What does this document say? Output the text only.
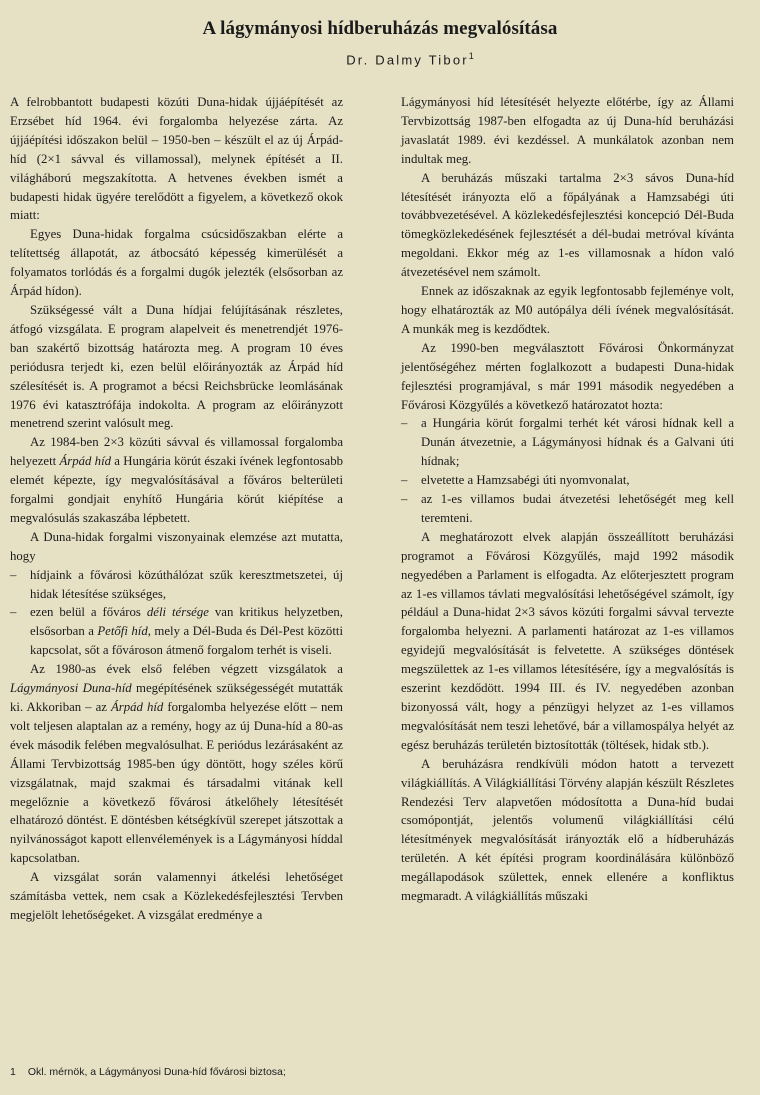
A lágymányosi hídberuházás megvalósítása
Dr. Dalmy Tibor$^1$

A felrobbantott budapesti közúti Duna-hidak újjáépítését az Erzsébet híd 1964. évi forgalomba helyezése zárta. Az újjáépítési időszakon belül – 1950-ben – készült el az új Árpád-híd (2×1 sávval és villamossal), melynek építését a II. világháború megszakította. A hetvenes években ismét a budapesti hidak ügyére terelődött a figyelem, a következő okok miatt:

Egyes Duna-hidak forgalma csúcsidőszakban elérte a telítettség állapotát, az átbocsátó képesség kimerülését a folyamatos torlódás és a forgalmi dugók jelezték (elsősorban az Árpád hídon).

Szükségessé vált a Duna hídjai felújításának részletes, átfogó vizsgálata. E program alapelveit és menetrendjét 1976-ban szakértő bizottság határozta meg. A program 10 éves periódusra terjedt ki, ezen belül előirányozták az Árpád híd szélesítését is. A programot a bécsi Reichsbrücke leomlásának 1976 évi katasztrófája indokolta. A program az előirányzott menetrend szerint valósult meg.

Az 1984-ben 2×3 közúti sávval és villamossal forgalomba helyezett Árpád híd a Hungária körút északi ívének legfontosabb elemét képezte, így megvalósításával a főváros belterületi forgalmi gondjait enyhítő Hungária körút kiépítése a megvalósulás szakaszába lépbetett.

A Duna-hidak forgalmi viszonyainak elemzése azt mutatta, hogy

– hídjaink a fővárosi közúthálózat szűk keresztmetszetei, új hidak létesítése szükséges,
– ezen belül a főváros déli térsége van kritikus helyzetben, elsősorban a Petőfi híd, mely a Dél-Buda és Dél-Pest közötti kapcsolat, sőt a fővároson átmenő forgalom terhét is viseli.

Az 1980-as évek első felében végzett vizsgálatok a Lágymányosi Duna-híd megépítésének szükségességét mutatták ki. Akkoriban – az Árpád híd forgalomba helyezése előtt – nem volt teljesen alaptalan az a remény, hogy az új Duna-híd a 80-as évek második felében megvalósulhat. E periódus lezárásaként az Állami Tervbizottság 1985-ben úgy döntött, hogy széles körű vizsgálatnak, majd szakmai és társadalmi vitának kell megelőznie a következő fővárosi átkelőhely létesítését elhatározó döntést. E döntésben kétségkívül szerepet játszottak a nyilvánosságot kapott ellenvélemények is a Lágymányosi híddal kapcsolatban.

A vizsgálat során valamennyi átkelési lehetőséget számításba vettek, nem csak a Közlekedésfejlesztési Tervben megjelölt lehetőségeket. A vizsgálat eredménye a

Lágymányosi híd létesítését helyezte előtérbe, így az Állami Tervbizottság 1987-ben elfogadta az új Duna-híd beruházási javaslatát 1989. évi kezdéssel. A munkálatok azonban nem indultak meg.

A beruházás műszaki tartalma 2×3 sávos Duna-híd létesítését irányozta elő a főpályának a Hamzsabégi úti továbbvezetésével. A közlekedésfejlesztési koncepció Dél-Buda tömegközlekedésének fejlesztését a dél-budai metróval kívánta megoldani. Ekkor még az 1-es villamosnak a hídon való átvezetésével nem számolt.

Ennek az időszaknak az egyik legfontosabb fejleménye volt, hogy elhatározták az M0 autópálya déli ívének megvalósítását. A munkák meg is kezdődtek.

Az 1990-ben megválasztott Fővárosi Önkormányzat jelentőségéhez mérten foglalkozott a budapesti Duna-hidak fejlesztési programjával, s már 1991 második negyedében a Fővárosi Közgyűlés a következő határozatot hozta:

– a Hungária körút forgalmi terhét két városi hídnak kell a Dunán átvezetnie, a Lágymányosi hídnak és a Galvani úti hídnak;
– elvetette a Hamzsabégi úti nyomvonalat,
– az 1-es villamos budai átvezetési lehetőségét meg kell teremteni.

A meghatározott elvek alapján összeállított beruházási programot a Fővárosi Közgyűlés, majd 1992 második negyedében a Parlament is elfogadta. Az előterjesztett program az 1-es villamos távlati megvalósítási lehetőségével számolt, így például a Duna-hidat 2×3 sávos közúti forgalmi sávval tervezte forgalomba helyezni. A parlamenti határozat az 1-es villamos egyidejű megvalósítását is felvetette. A szükséges döntések megszülettek az 1-es villamos létesítésére, így a megvalósítás is eszerint kezdődött. 1994 III. és IV. negyedében azonban bizonyossá vált, hogy a pénzügyi helyzet az 1-es villamos megvalósítását nem teszi lehetővé, bár a villamospálya helyét az egész beruházás területén biztosították (töltések, hidak stb.).

A beruházásra rendkívüli módon hatott a tervezett világkiállítás. A Világkiállítási Törvény alapján készült Részletes Rendezési Terv alapvetően módosította a Duna-híd budai csomópontját, jelentős volumenű világkiállítási célú létesítmények megvalósítását irányozták elő a hídberuházás területén. A két építési program koordinálására különböző megállapodások születtek, ennek ellenére a konfliktus megmaradt. A világkiállítás műszaki

1 Okl. mérnök, a Lágymányosi Duna-híd fővárosi biztosa;
